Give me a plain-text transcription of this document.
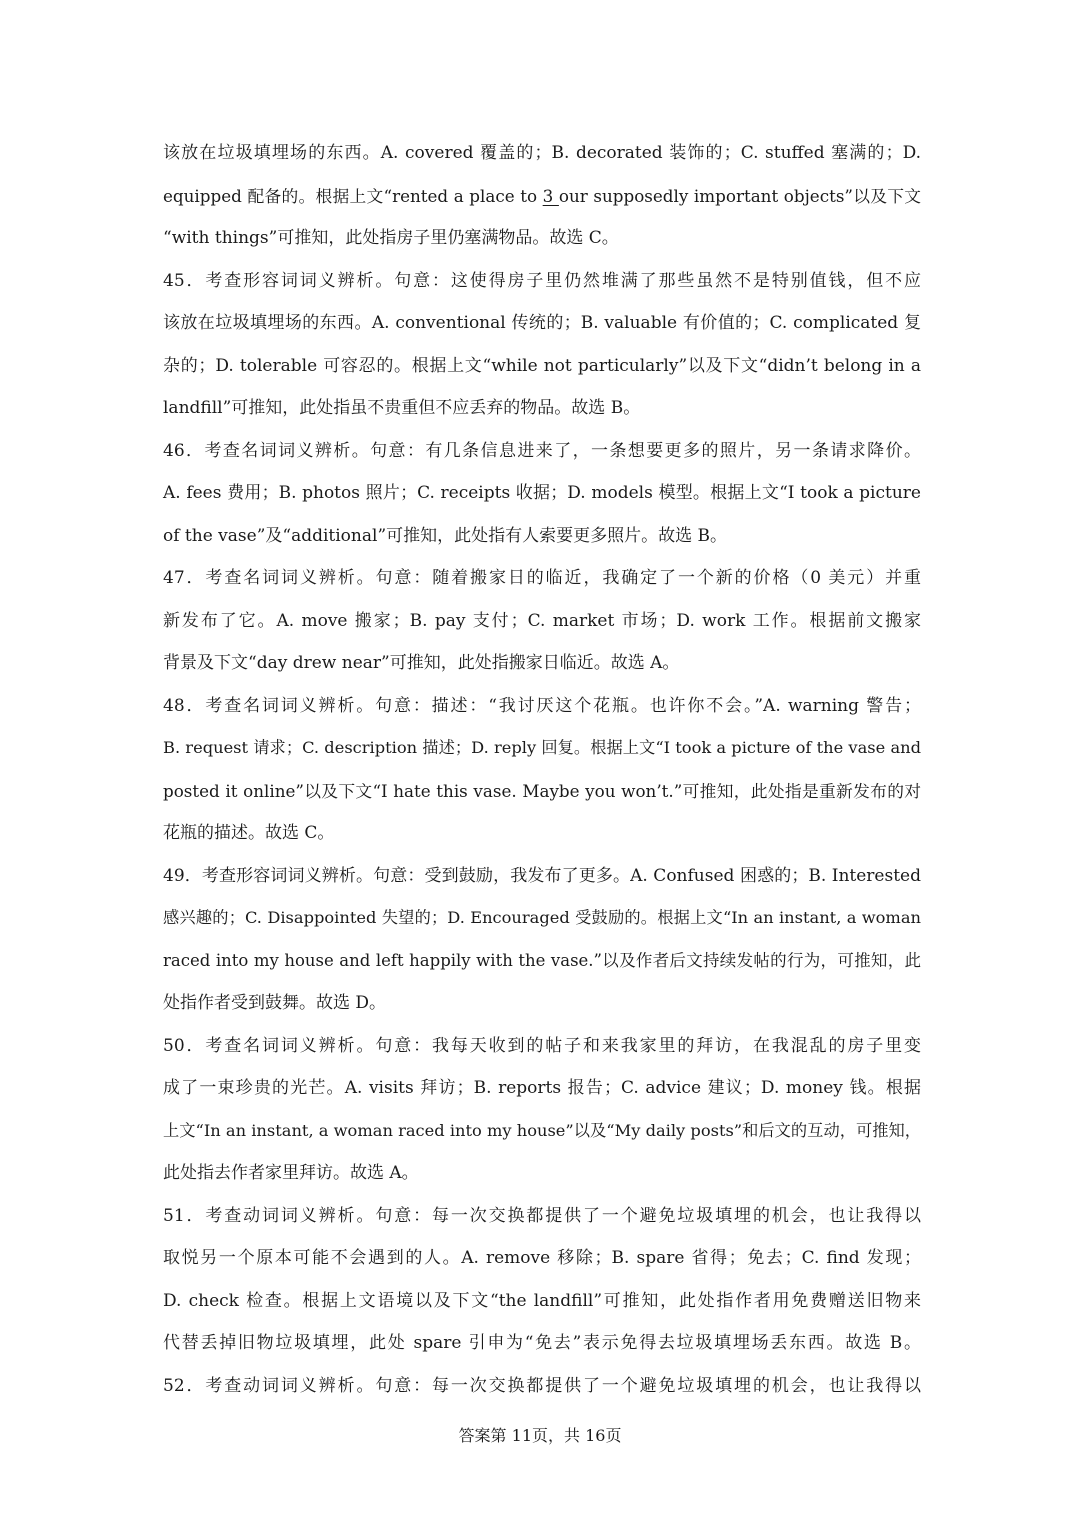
该放在垃圾填埋场的东西。A. covered 覆盖的；B. decorated 装饰的；C. stuffed 塞满的；D.
equipped 配备的。根据上文“rented a place to 3 our supposedly important objects”以及下文
“with things”可推知，此处指房子里仍塞满物品。故选 C。
45．考查形容词词义辨析。句意：这使得房子里仍然堆满了那些虽然不是特别值钱，但不应
该放在垃圾填埋场的东西。A. conventional 传统的；B. valuable 有价值的；C. complicated 复
杂的；D. tolerable 可容忍的。根据上文“while not particularly”以及下文“didn’t belong in a
landfill”可推知，此处指虽不贵重但不应丢弃的物品。故选 B。
46．考查名词词义辨析。句意：有几条信息进来了，一条想要更多的照片，另一条请求降价。
A. fees 费用；B. photos 照片；C. receipts 收据；D. models 模型。根据上文“I took a picture
of the vase”及“additional”可推知，此处指有人索要更多照片。故选 B。
47．考查名词词义辨析。句意：随着搬家日的临近，我确定了一个新的价格（0 美元）并重
新发布了它。A. move 搬家；B. pay 支付；C. market 市场；D. work 工作。根据前文搬家
背景及下文“day drew near”可推知，此处指搬家日临近。故选 A。
48．考查名词词义辨析。句意：描述：“我讨厌这个花瓶。也许你不会。”A. warning 警告；
B. request 请求；C. description 描述；D. reply 回复。根据上文“I took a picture of the vase and
posted it online”以及下文“I hate this vase. Maybe you won’t.”可推知，此处指是重新发布的对
花瓶的描述。故选 C。
49．考查形容词词义辨析。句意：受到鼓励，我发布了更多。A. Confused 困惑的；B. Interested
感兴趣的；C. Disappointed 失望的；D. Encouraged 受鼓励的。根据上文“In an instant, a woman
raced into my house and left happily with the vase.”以及作者后文持续发帖的行为，可推知，此
处指作者受到鼓舞。故选 D。
50．考查名词词义辨析。句意：我每天收到的帖子和来我家里的拜访，在我混乱的房子里变
成了一束珍贵的光芒。A. visits 拜访；B. reports 报告；C. advice 建议；D. money 钱。根据
上文“In an instant, a woman raced into my house”以及“My daily posts”和后文的互动，可推知，
此处指去作者家里拜访。故选 A。
51．考查动词词义辨析。句意：每一次交换都提供了一个避免垃圾填埋的机会，也让我得以
取悦另一个原本可能不会遇到的人。A. remove 移除；B. spare 省得；免去；C. find 发现；
D. check 检查。根据上文语境以及下文“the landfill”可推知，此处指作者用免费赠送旧物来
代替丢掉旧物垃圾填埋，此处 spare 引申为“免去”表示免得去垃圾填埋场丢东西。故选 B。
52．考查动词词义辨析。句意：每一次交换都提供了一个避免垃圾填埋的机会，也让我得以
答案第 11页，共 16页
